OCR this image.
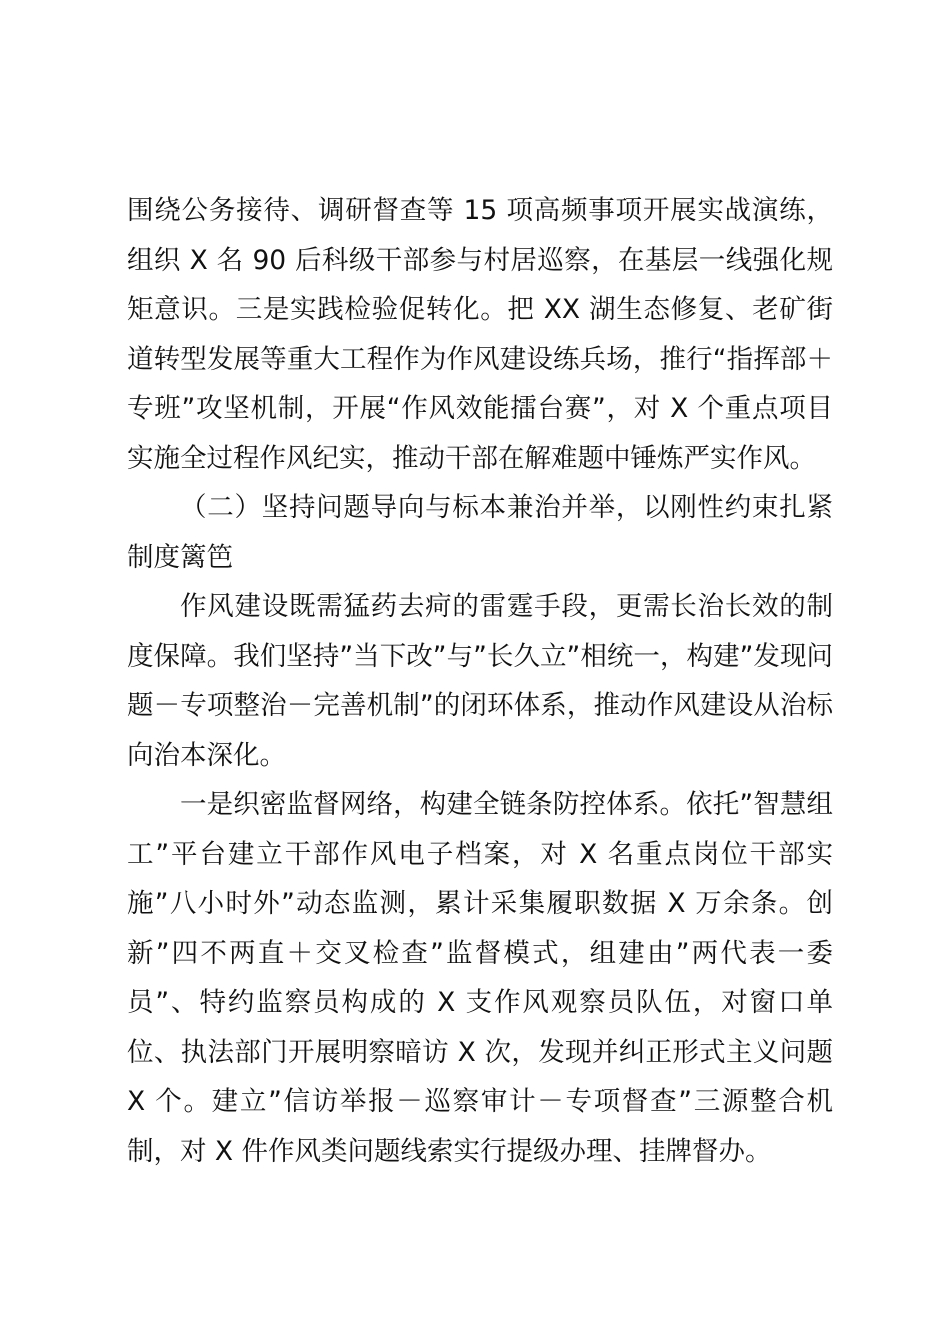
围绕公务接待、调研督查等 15 项高频事项开展实战演练，组织 X 名 90 后科级干部参与村居巡察，在基层一线强化规矩意识。三是实践检验促转化。把 XX 湖生态修复、老矿街道转型发展等重大工程作为作风建设练兵场，推行“指挥部＋专班”攻坚机制，开展“作风效能擂台赛”，对 X 个重点项目实施全过程作风纪实，推动干部在解难题中锤炼严实作风。

（二）坚持问题导向与标本兼治并举，以刚性约束扎紧制度篱笆

作风建设既需猛药去疴的雷霆手段，更需长治长效的制度保障。我们坚持”当下改”与”长久立”相统一，构建”发现问题－专项整治－完善机制”的闭环体系，推动作风建设从治标向治本深化。

一是织密监督网络，构建全链条防控体系。依托”智慧组工”平台建立干部作风电子档案，对 X 名重点岗位干部实施”八小时外”动态监测，累计采集履职数据 X 万余条。创新”四不两直＋交叉检查”监督模式，组建由”两代表一委员”、特约监察员构成的 X 支作风观察员队伍，对窗口单位、执法部门开展明察暗访 X 次，发现并纠正形式主义问题 X 个。建立”信访举报－巡察审计－专项督查”三源整合机制，对 X 件作风类问题线索实行提级办理、挂牌督办。
